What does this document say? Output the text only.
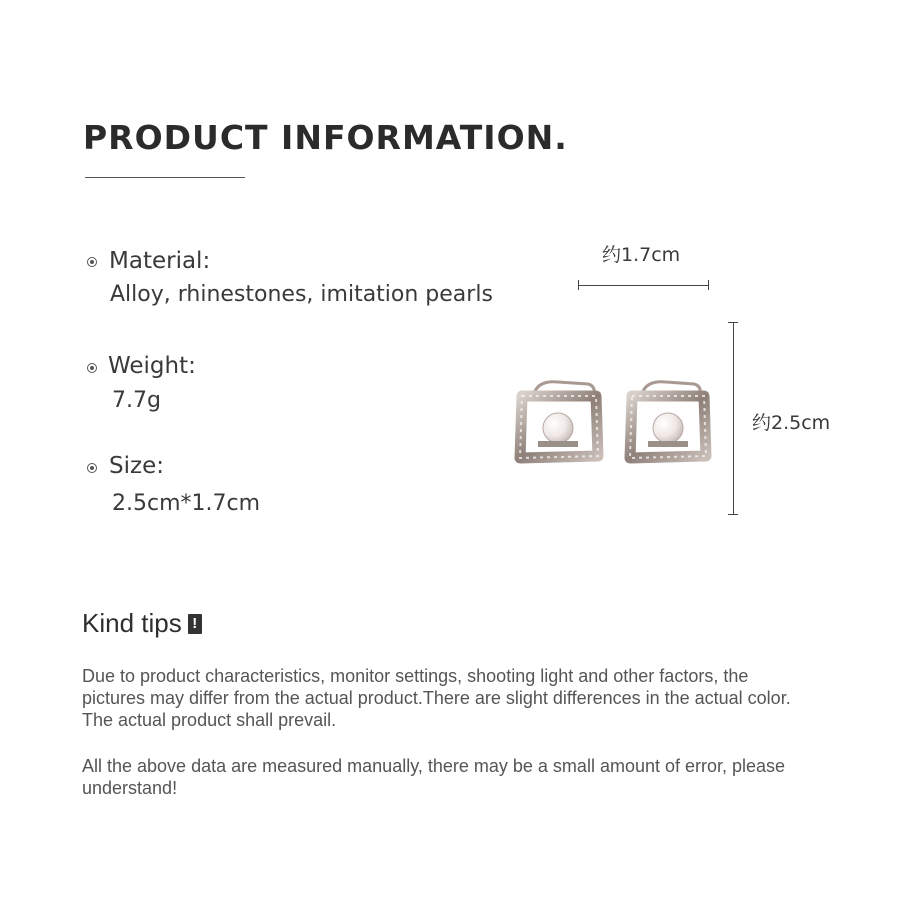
PRODUCT INFORMATION.
Material:
Alloy, rhinestones, imitation pearls
Weight:
7.7g
Size:
2.5cm*1.7cm
约1.7cm
约2.5cm
Kind tips !
Due to product characteristics, monitor settings, shooting light and other factors, the pictures may differ from the actual product.There are slight differences in the actual color. The actual product shall prevail.
All the above data are measured manually, there may be a small amount of error, please understand!
